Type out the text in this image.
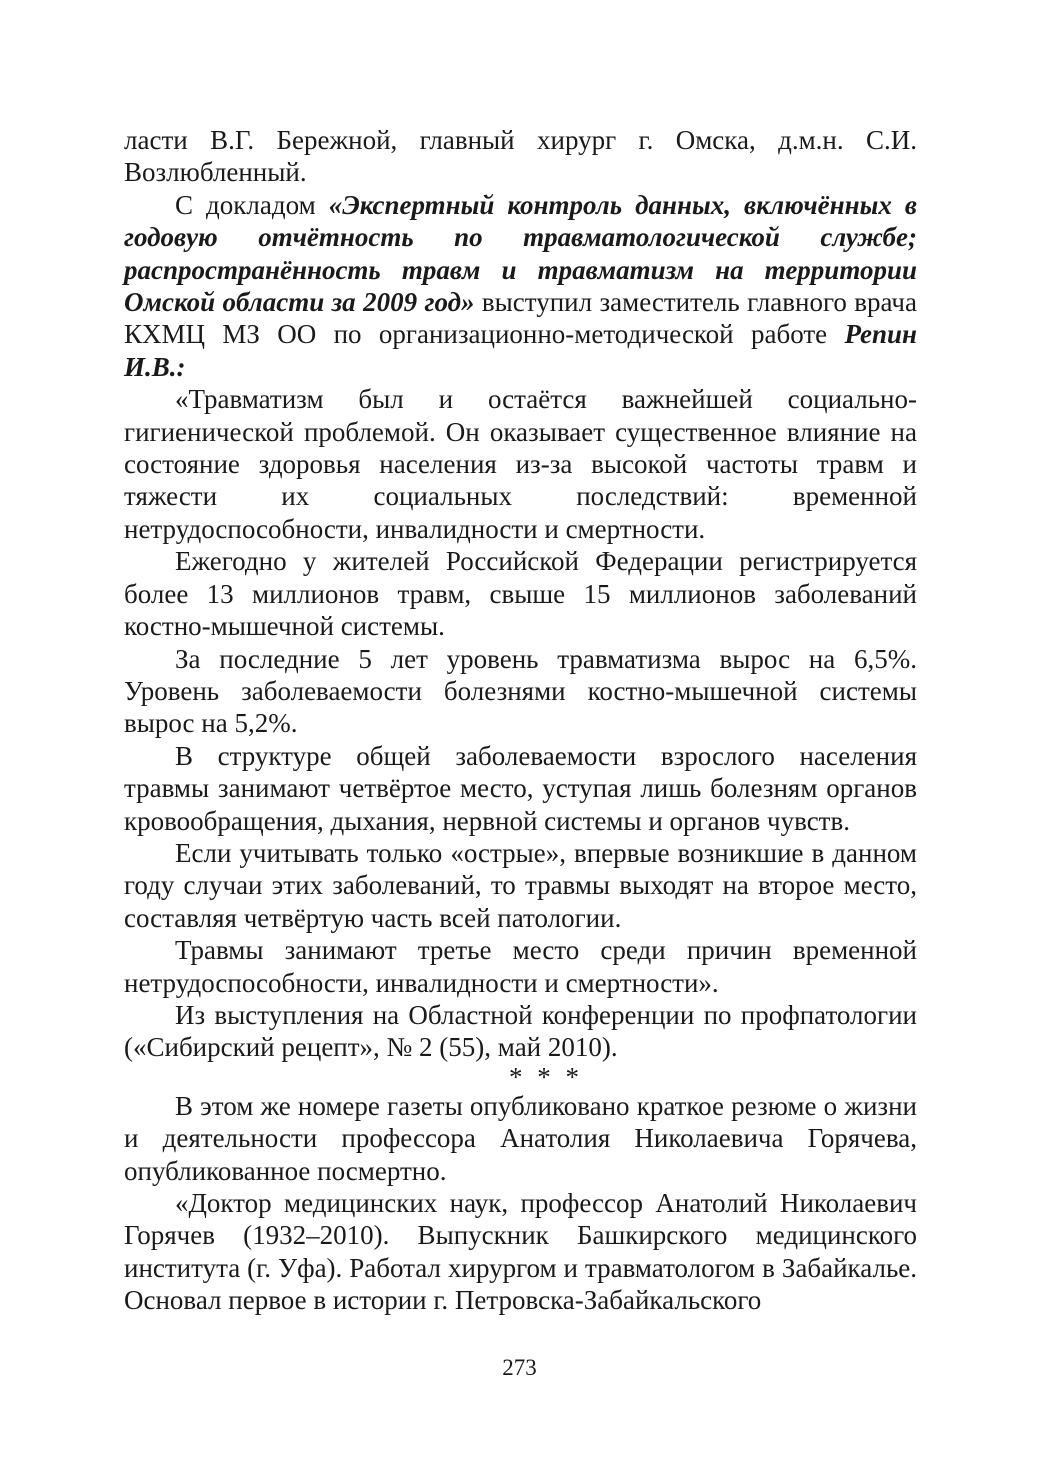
ласти В.Г. Бережной, главный хирург г. Омска, д.м.н. С.И. Возлюбленный.

С докладом «Экспертный контроль данных, включённых в годовую отчётность по травматологической службе; распространённость травм и травматизм на территории Омской области за 2009 год» выступил заместитель главного врача КХМЦ МЗ ОО по организационно-методической работе Репин И.В.:

«Травматизм был и остаётся важнейшей социально-гигиенической проблемой. Он оказывает существенное влияние на состояние здоровья населения из-за высокой частоты травм и тяжести их социальных последствий: временной нетрудоспособности, инвалидности и смертности.

Ежегодно у жителей Российской Федерации регистрируется более 13 миллионов травм, свыше 15 миллионов заболеваний костно-мышечной системы.

За последние 5 лет уровень травматизма вырос на 6,5%. Уровень заболеваемости болезнями костно-мышечной системы вырос на 5,2%.

В структуре общей заболеваемости взрослого населения травмы занимают четвёртое место, уступая лишь болезням органов кровообращения, дыхания, нервной системы и органов чувств.

Если учитывать только «острые», впервые возникшие в данном году случаи этих заболеваний, то травмы выходят на второе место, составляя четвёртую часть всей патологии.

Травмы занимают третье место среди причин временной нетрудоспособности, инвалидности и смертности».

Из выступления на Областной конференции по профпатологии («Сибирский рецепт», № 2 (55), май 2010).

* * *

В этом же номере газеты опубликовано краткое резюме о жизни и деятельности профессора Анатолия Николаевича Горячева, опубликованное посмертно.

«Доктор медицинских наук, профессор Анатолий Николаевич Горячев (1932–2010). Выпускник Башкирского медицинского института (г. Уфа). Работал хирургом и травматологом в Забайкалье. Основал первое в истории г. Петровска-Забайкальского

273
